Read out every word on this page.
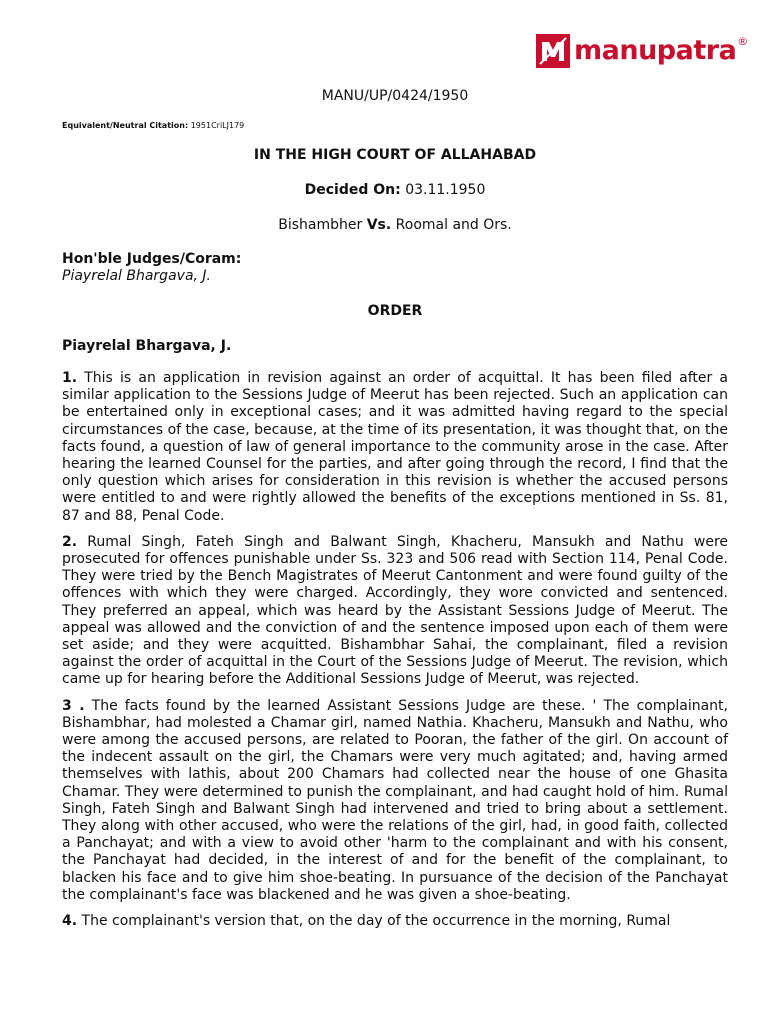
manupatra ®
MANU/UP/0424/1950
Equivalent/Neutral Citation: 1951CriLJ179
IN THE HIGH COURT OF ALLAHABAD
Decided On: 03.11.1950
Bishambher Vs. Roomal and Ors.
Hon'ble Judges/Coram:
Piayrelal Bhargava, J.
ORDER
Piayrelal Bhargava, J.

1. This is an application in revision against an order of acquittal. It has been filed after a similar application to the Sessions Judge of Meerut has been rejected. Such an application can be entertained only in exceptional cases; and it was admitted having regard to the special circumstances of the case, because, at the time of its presentation, it was thought that, on the facts found, a question of law of general importance to the community arose in the case. After hearing the learned Counsel for the parties, and after going through the record, I find that the only question which arises for consideration in this revision is whether the accused persons were entitled to and were rightly allowed the benefits of the exceptions mentioned in Ss. 81, 87 and 88, Penal Code.

2. Rumal Singh, Fateh Singh and Balwant Singh, Khacheru, Mansukh and Nathu were prosecuted for offences punishable under Ss. 323 and 506 read with Section 114, Penal Code. They were tried by the Bench Magistrates of Meerut Cantonment and were found guilty of the offences with which they were charged. Accordingly, they wore convicted and sentenced. They preferred an appeal, which was heard by the Assistant Sessions Judge of Meerut. The appeal was allowed and the conviction of and the sentence imposed upon each of them were set aside; and they were acquitted. Bishambhar Sahai, the complainant, filed a revision against the order of acquittal in the Court of the Sessions Judge of Meerut. The revision, which came up for hearing before the Additional Sessions Judge of Meerut, was rejected.

3 . The facts found by the learned Assistant Sessions Judge are these. ' The complainant, Bishambhar, had molested a Chamar girl, named Nathia. Khacheru, Mansukh and Nathu, who were among the accused persons, are related to Pooran, the father of the girl. On account of the indecent assault on the girl, the Chamars were very much agitated; and, having armed themselves with lathis, about 200 Chamars had collected near the house of one Ghasita Chamar. They were determined to punish the complainant, and had caught hold of him. Rumal Singh, Fateh Singh and Balwant Singh had intervened and tried to bring about a settlement. They along with other accused, who were the relations of the girl, had, in good faith, collected a Panchayat; and with a view to avoid other 'harm to the complainant and with his consent, the Panchayat had decided, in the interest of and for the benefit of the complainant, to blacken his face and to give him shoe-beating. In pursuance of the decision of the Panchayat the complainant's face was blackened and he was given a shoe-beating.

4. The complainant's version that, on the day of the occurrence in the morning, Rumal
